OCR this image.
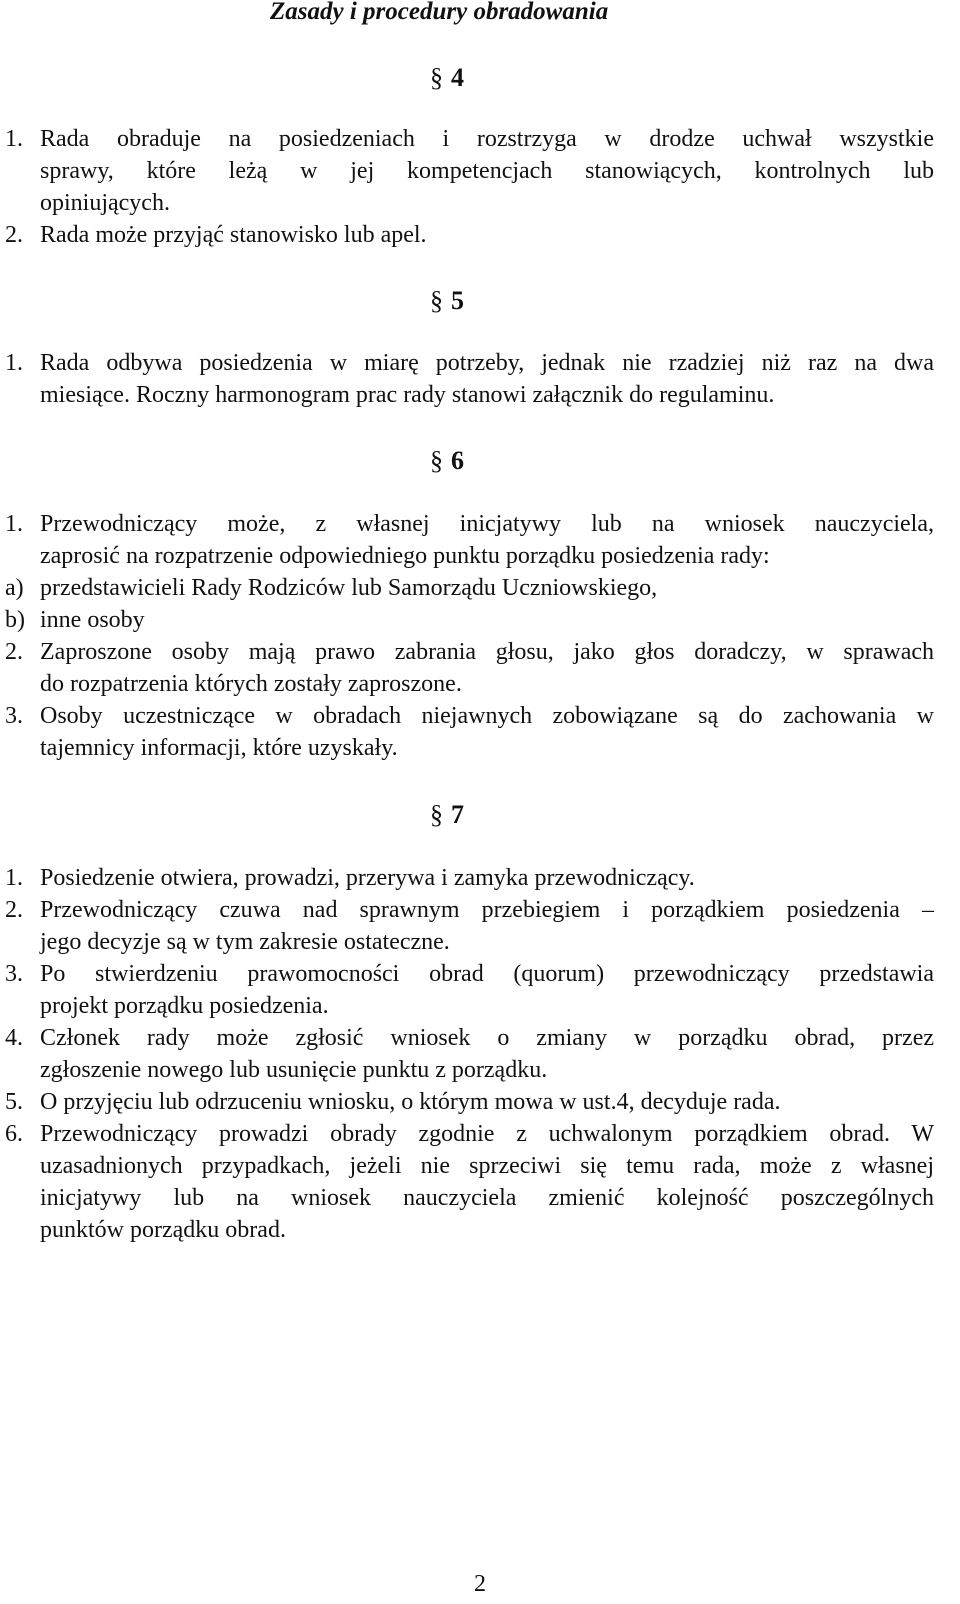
Zasady i procedury obradowania
§ 4
1. Rada obraduje na posiedzeniach i rozstrzyga w drodze uchwał wszystkie
sprawy, które leżą w jej kompetencjach stanowiących, kontrolnych lub
opiniujących.
2. Rada może przyjąć stanowisko lub apel.
§ 5
1. Rada odbywa posiedzenia w miarę potrzeby, jednak nie rzadziej niż raz na dwa
miesiące. Roczny harmonogram prac rady stanowi załącznik do regulaminu.
§ 6
1. Przewodniczący może, z własnej inicjatywy lub na wniosek nauczyciela,
zaprosić na rozpatrzenie odpowiedniego punktu porządku posiedzenia rady:
a) przedstawicieli Rady Rodziców lub Samorządu Uczniowskiego,
b) inne osoby
2. Zaproszone osoby mają prawo zabrania głosu, jako głos doradczy, w sprawach
do rozpatrzenia których zostały zaproszone.
3. Osoby uczestniczące w obradach niejawnych zobowiązane są do zachowania w
tajemnicy informacji, które uzyskały.
§ 7
1. Posiedzenie otwiera, prowadzi, przerywa i zamyka przewodniczący.
2. Przewodniczący czuwa nad sprawnym przebiegiem i porządkiem posiedzenia –
jego decyzje są w tym zakresie ostateczne.
3. Po stwierdzeniu prawomocności obrad (quorum) przewodniczący przedstawia
projekt porządku posiedzenia.
4. Członek rady może zgłosić wniosek o zmiany w porządku obrad, przez
zgłoszenie nowego lub usunięcie punktu z porządku.
5. O przyjęciu lub odrzuceniu wniosku, o którym mowa w ust.4, decyduje rada.
6. Przewodniczący prowadzi obrady zgodnie z uchwalonym porządkiem obrad. W
uzasadnionych przypadkach, jeżeli nie sprzeciwi się temu rada, może z własnej
inicjatywy lub na wniosek nauczyciela zmienić kolejność poszczególnych
punktów porządku obrad.
2
